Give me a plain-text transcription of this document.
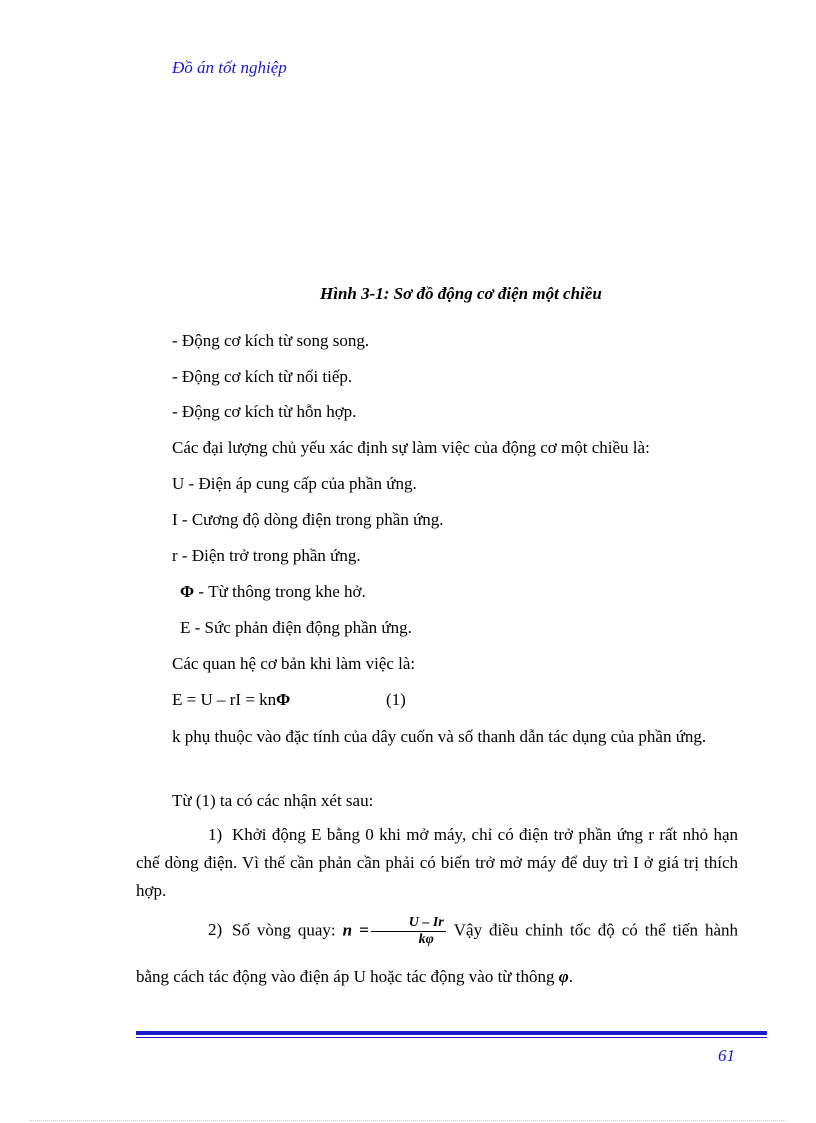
Đồ án tốt nghiệp
Hình 3-1: Sơ đồ động cơ điện một chiều
- Động cơ kích từ song song.
- Động cơ kích từ nối tiếp.
- Động cơ kích từ hỗn hợp.
Các đại lượng chủ yếu xác định sự làm việc của động cơ một chiều là:
U - Điện áp cung cấp của phần ứng.
I - Cương độ dòng điện trong phần ứng.
r - Điện trở trong phần ứng.
Φ - Từ thông trong khe hở.
E - Sức phản điện động phần ứng.
Các quan hệ cơ bản khi làm việc là:
E = U – rI = knΦ	(1)
k phụ thuộc vào đặc tính của dây cuốn và số thanh dẫn tác dụng của phần ứng.
Từ (1) ta có các nhận xét sau:
1) Khởi động E bằng 0 khi mở máy, chỉ có điện trở phần ứng r rất nhỏ hạn chế dòng điện. Vì thế cần phản cần phải có biến trở mở máy để duy trì I ở giá trị thích hợp.
2) Số vòng quay: $n = \frac{U - Ir}{k\varphi}$ Vậy điều chỉnh tốc độ có thể tiến hành
bằng cách tác động vào điện áp U hoặc tác động vào từ thông φ.
61
